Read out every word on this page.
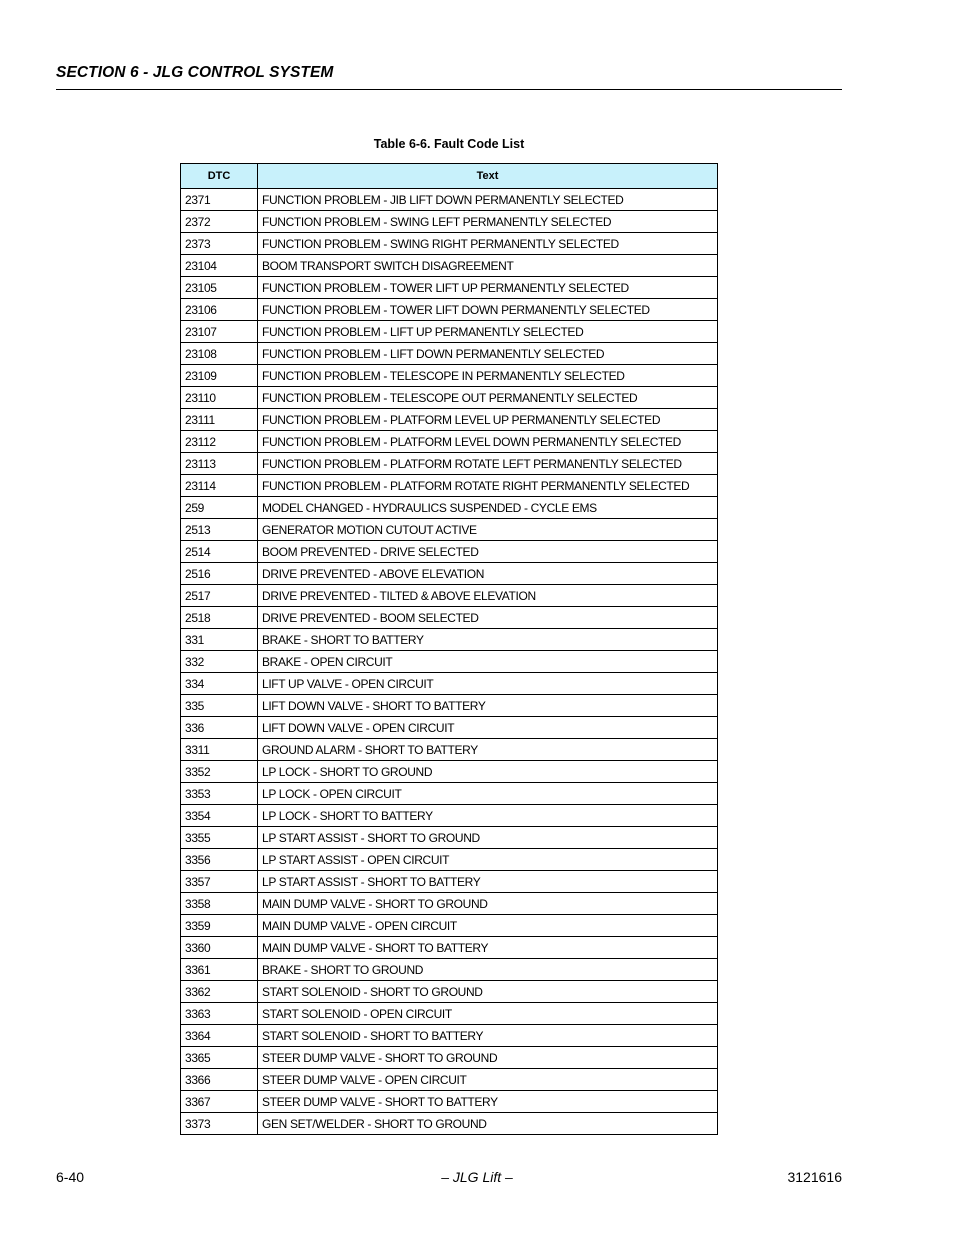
SECTION 6 - JLG CONTROL SYSTEM
Table 6-6. Fault Code List
DTC	Text
2371	FUNCTION PROBLEM - JIB LIFT DOWN PERMANENTLY SELECTED
2372	FUNCTION PROBLEM - SWING LEFT PERMANENTLY SELECTED
2373	FUNCTION PROBLEM - SWING RIGHT PERMANENTLY SELECTED
23104	BOOM TRANSPORT SWITCH DISAGREEMENT
23105	FUNCTION PROBLEM - TOWER LIFT UP PERMANENTLY SELECTED
23106	FUNCTION PROBLEM - TOWER LIFT DOWN PERMANENTLY SELECTED
23107	FUNCTION PROBLEM - LIFT UP PERMANENTLY SELECTED
23108	FUNCTION PROBLEM - LIFT DOWN PERMANENTLY SELECTED
23109	FUNCTION PROBLEM - TELESCOPE IN PERMANENTLY SELECTED
23110	FUNCTION PROBLEM - TELESCOPE OUT PERMANENTLY SELECTED
23111	FUNCTION PROBLEM - PLATFORM LEVEL UP PERMANENTLY SELECTED
23112	FUNCTION PROBLEM - PLATFORM LEVEL DOWN PERMANENTLY SELECTED
23113	FUNCTION PROBLEM - PLATFORM ROTATE LEFT PERMANENTLY SELECTED
23114	FUNCTION PROBLEM - PLATFORM ROTATE RIGHT PERMANENTLY SELECTED
259	MODEL CHANGED - HYDRAULICS SUSPENDED - CYCLE EMS
2513	GENERATOR MOTION CUTOUT ACTIVE
2514	BOOM PREVENTED - DRIVE SELECTED
2516	DRIVE PREVENTED - ABOVE ELEVATION
2517	DRIVE PREVENTED - TILTED & ABOVE ELEVATION
2518	DRIVE PREVENTED - BOOM SELECTED
331	BRAKE - SHORT TO BATTERY
332	BRAKE - OPEN CIRCUIT
334	LIFT UP VALVE - OPEN CIRCUIT
335	LIFT DOWN VALVE - SHORT TO BATTERY
336	LIFT DOWN VALVE - OPEN CIRCUIT
3311	GROUND ALARM - SHORT TO BATTERY
3352	LP LOCK - SHORT TO GROUND
3353	LP LOCK - OPEN CIRCUIT
3354	LP LOCK - SHORT TO BATTERY
3355	LP START ASSIST - SHORT TO GROUND
3356	LP START ASSIST - OPEN CIRCUIT
3357	LP START ASSIST - SHORT TO BATTERY
3358	MAIN DUMP VALVE - SHORT TO GROUND
3359	MAIN DUMP VALVE - OPEN CIRCUIT
3360	MAIN DUMP VALVE - SHORT TO BATTERY
3361	BRAKE - SHORT TO GROUND
3362	START SOLENOID - SHORT TO GROUND
3363	START SOLENOID - OPEN CIRCUIT
3364	START SOLENOID - SHORT TO BATTERY
3365	STEER DUMP VALVE - SHORT TO GROUND
3366	STEER DUMP VALVE - OPEN CIRCUIT
3367	STEER DUMP VALVE - SHORT TO BATTERY
3373	GEN SET/WELDER - SHORT TO GROUND
6-40	– JLG Lift –	3121616
